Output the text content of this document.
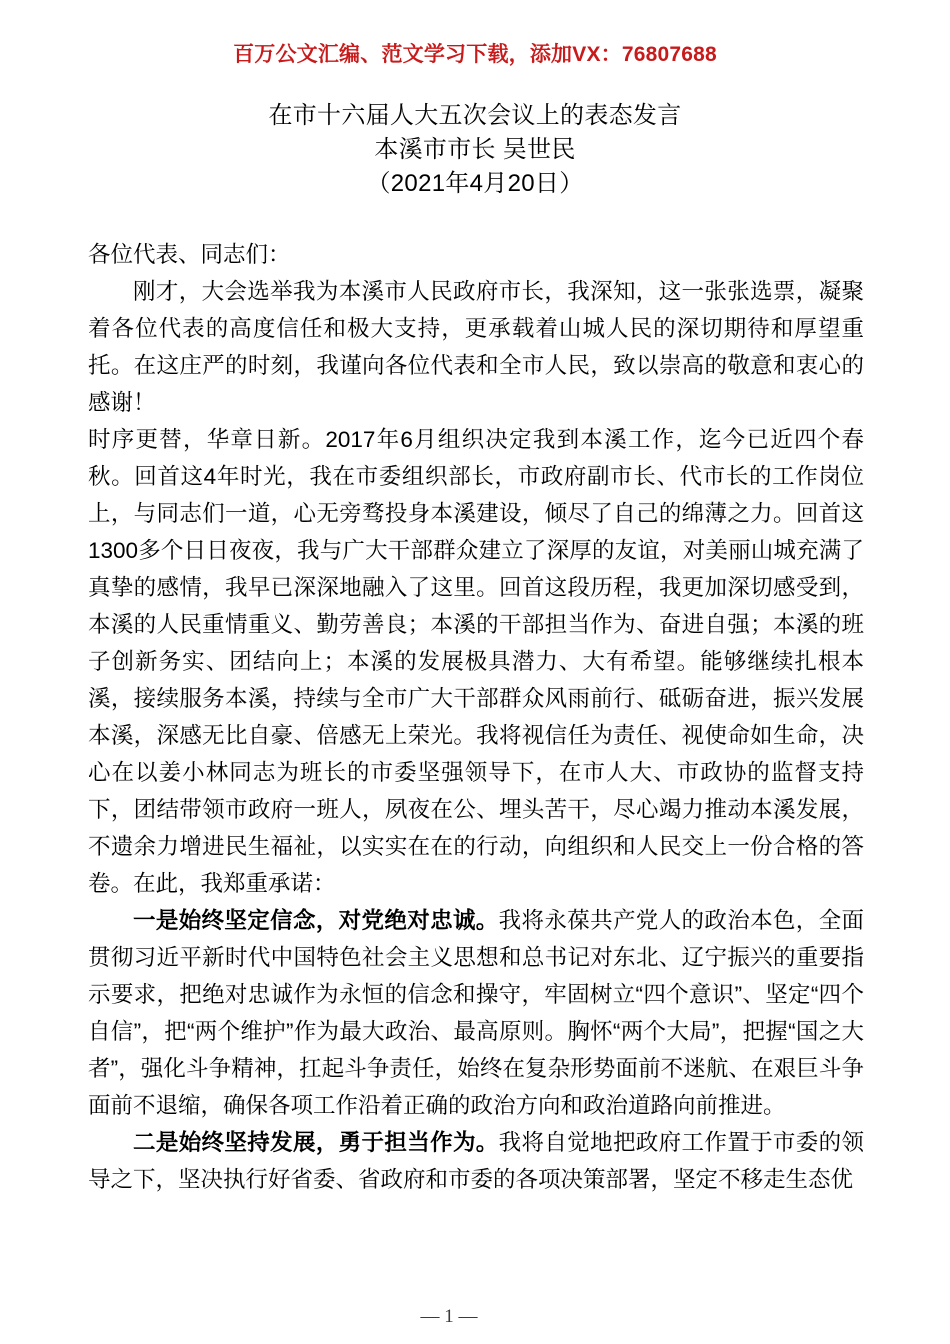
百万公文汇编、范文学习下载，添加VX：76807688
在市十六届人大五次会议上的表态发言
本溪市市长 吴世民
（2021年4月20日）

各位代表、同志们：

刚才，大会选举我为本溪市人民政府市长，我深知，这一张张选票，凝聚着各位代表的高度信任和极大支持，更承载着山城人民的深切期待和厚望重托。在这庄严的时刻，我谨向各位代表和全市人民，致以崇高的敬意和衷心的感谢！

时序更替，华章日新。2017年6月组织决定我到本溪工作，迄今已近四个春秋。回首这4年时光，我在市委组织部长，市政府副市长、代市长的工作岗位上，与同志们一道，心无旁骛投身本溪建设，倾尽了自己的绵薄之力。回首这1300多个日日夜夜，我与广大干部群众建立了深厚的友谊，对美丽山城充满了真挚的感情，我早已深深地融入了这里。回首这段历程，我更加深切感受到，本溪的人民重情重义、勤劳善良；本溪的干部担当作为、奋进自强；本溪的班子创新务实、团结向上；本溪的发展极具潜力、大有希望。能够继续扎根本溪，接续服务本溪，持续与全市广大干部群众风雨前行、砥砺奋进，振兴发展本溪，深感无比自豪、倍感无上荣光。我将视信任为责任、视使命如生命，决心在以姜小林同志为班长的市委坚强领导下，在市人大、市政协的监督支持下，团结带领市政府一班人，夙夜在公、埋头苦干，尽心竭力推动本溪发展，不遗余力增进民生福祉，以实实在在的行动，向组织和人民交上一份合格的答卷。在此，我郑重承诺：

一是始终坚定信念，对党绝对忠诚。我将永葆共产党人的政治本色，全面贯彻习近平新时代中国特色社会主义思想和总书记对东北、辽宁振兴的重要指示要求，把绝对忠诚作为永恒的信念和操守，牢固树立“四个意识”、坚定“四个自信”，把“两个维护”作为最大政治、最高原则。胸怀“两个大局”，把握“国之大者”，强化斗争精神，扛起斗争责任，始终在复杂形势面前不迷航、在艰巨斗争面前不退缩，确保各项工作沿着正确的政治方向和政治道路向前推进。

二是始终坚持发展，勇于担当作为。我将自觉地把政府工作置于市委的领导之下，坚决执行好省委、省政府和市委的各项决策部署，坚定不移走生态优

— 1 —
